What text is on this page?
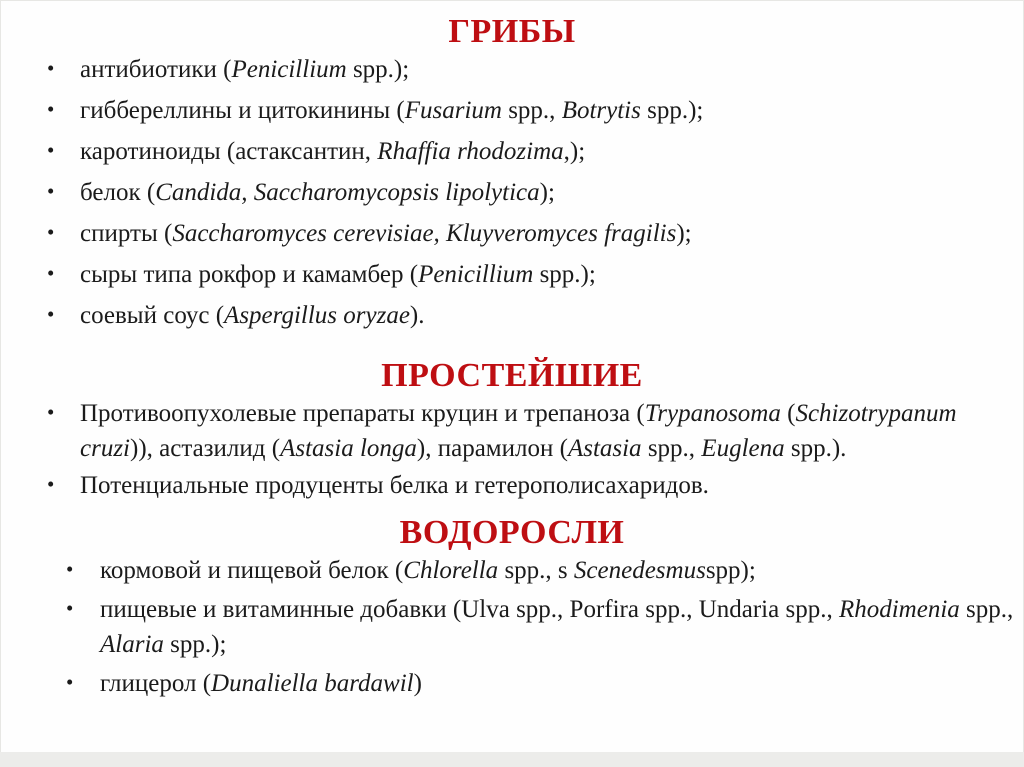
ГРИБЫ
• антибиотики (Penicillium spp.);
• гиббереллины и цитокинины (Fusarium spp., Botrytis spp.);
• каротиноиды (астаксантин, Rhaffia rhodozima,);
• белок (Candida, Saccharomycopsis lipolytica);
• спирты (Saccharomyces cerevisiae, Kluyveromyces fragilis);
• сыры типа рокфор и камамбер (Penicillium spp.);
• соевый соус (Aspergillus oryzae).
ПРОСТЕЙШИЕ
• Противоопухолевые препараты круцин и трепаноза (Trypanosoma (Schizotrypanum cruzi)), астазилид (Astasia longa), парамилон (Astasia spp., Euglena spp.).
• Потенциальные продуценты белка и гетерополисахаридов.
ВОДОРОСЛИ
• кормовой и пищевой белок (Chlorella spp., s Scenedesmusspp);
• пищевые и витаминные добавки (Ulva spp., Porfira spp., Undaria spp., Rhodimenia spp., Alaria spp.);
• глицерол (Dunaliella bardawil)
